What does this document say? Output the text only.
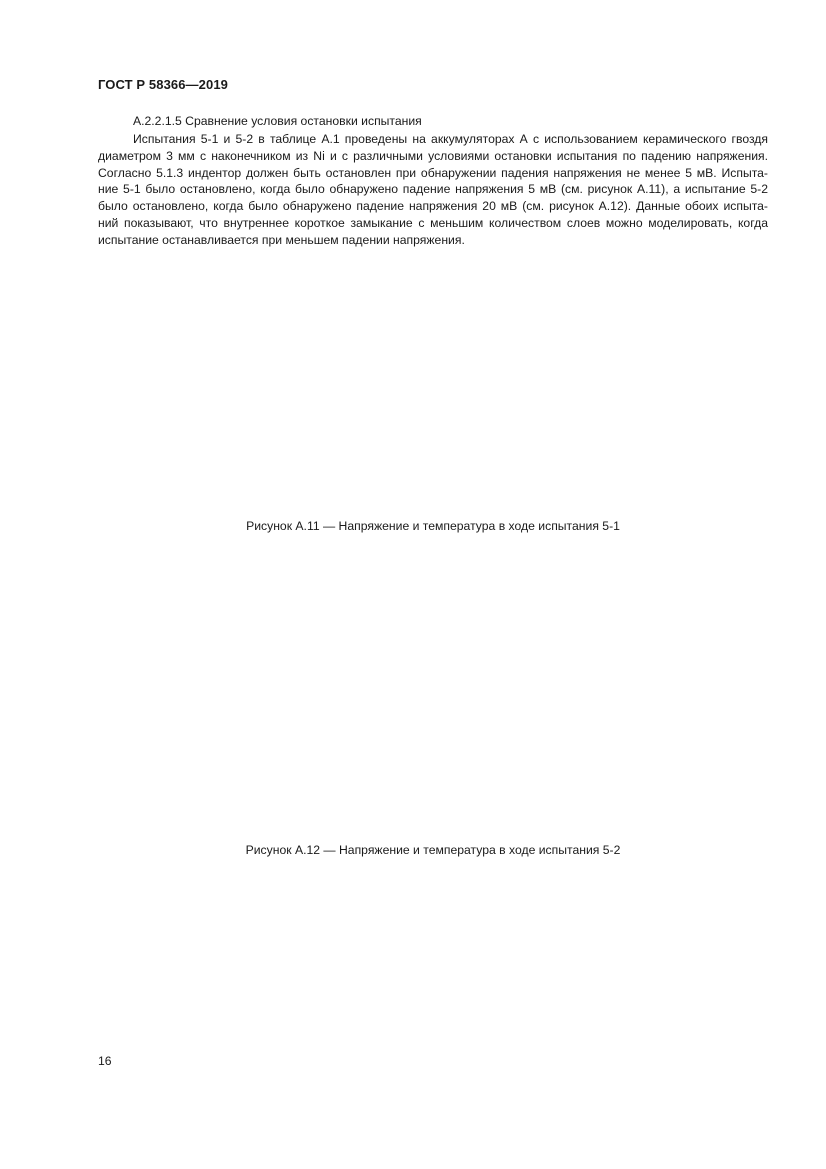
ГОСТ Р 58366—2019
А.2.2.1.5 Сравнение условия остановки испытания
Испытания 5-1 и 5-2 в таблице А.1 проведены на аккумуляторах А с использованием керамического гвоздя
диаметром 3 мм с наконечником из Ni и с различными условиями остановки испытания по падению напряжения.
Согласно 5.1.3 индентор должен быть остановлен при обнаружении падения напряжения не менее 5 мВ. Испыта-
ние 5-1 было остановлено, когда было обнаружено падение напряжения 5 мВ (см. рисунок А.11), а испытание 5-2
было остановлено, когда было обнаружено падение напряжения 20 мВ (см. рисунок А.12). Данные обоих испыта-
ний показывают, что внутреннее короткое замыкание с меньшим количеством слоев можно моделировать, когда
испытание останавливается при меньшем падении напряжения.
Рисунок А.11 — Напряжение и температура в ходе испытания 5-1
Рисунок А.12 — Напряжение и температура в ходе испытания 5-2
16
